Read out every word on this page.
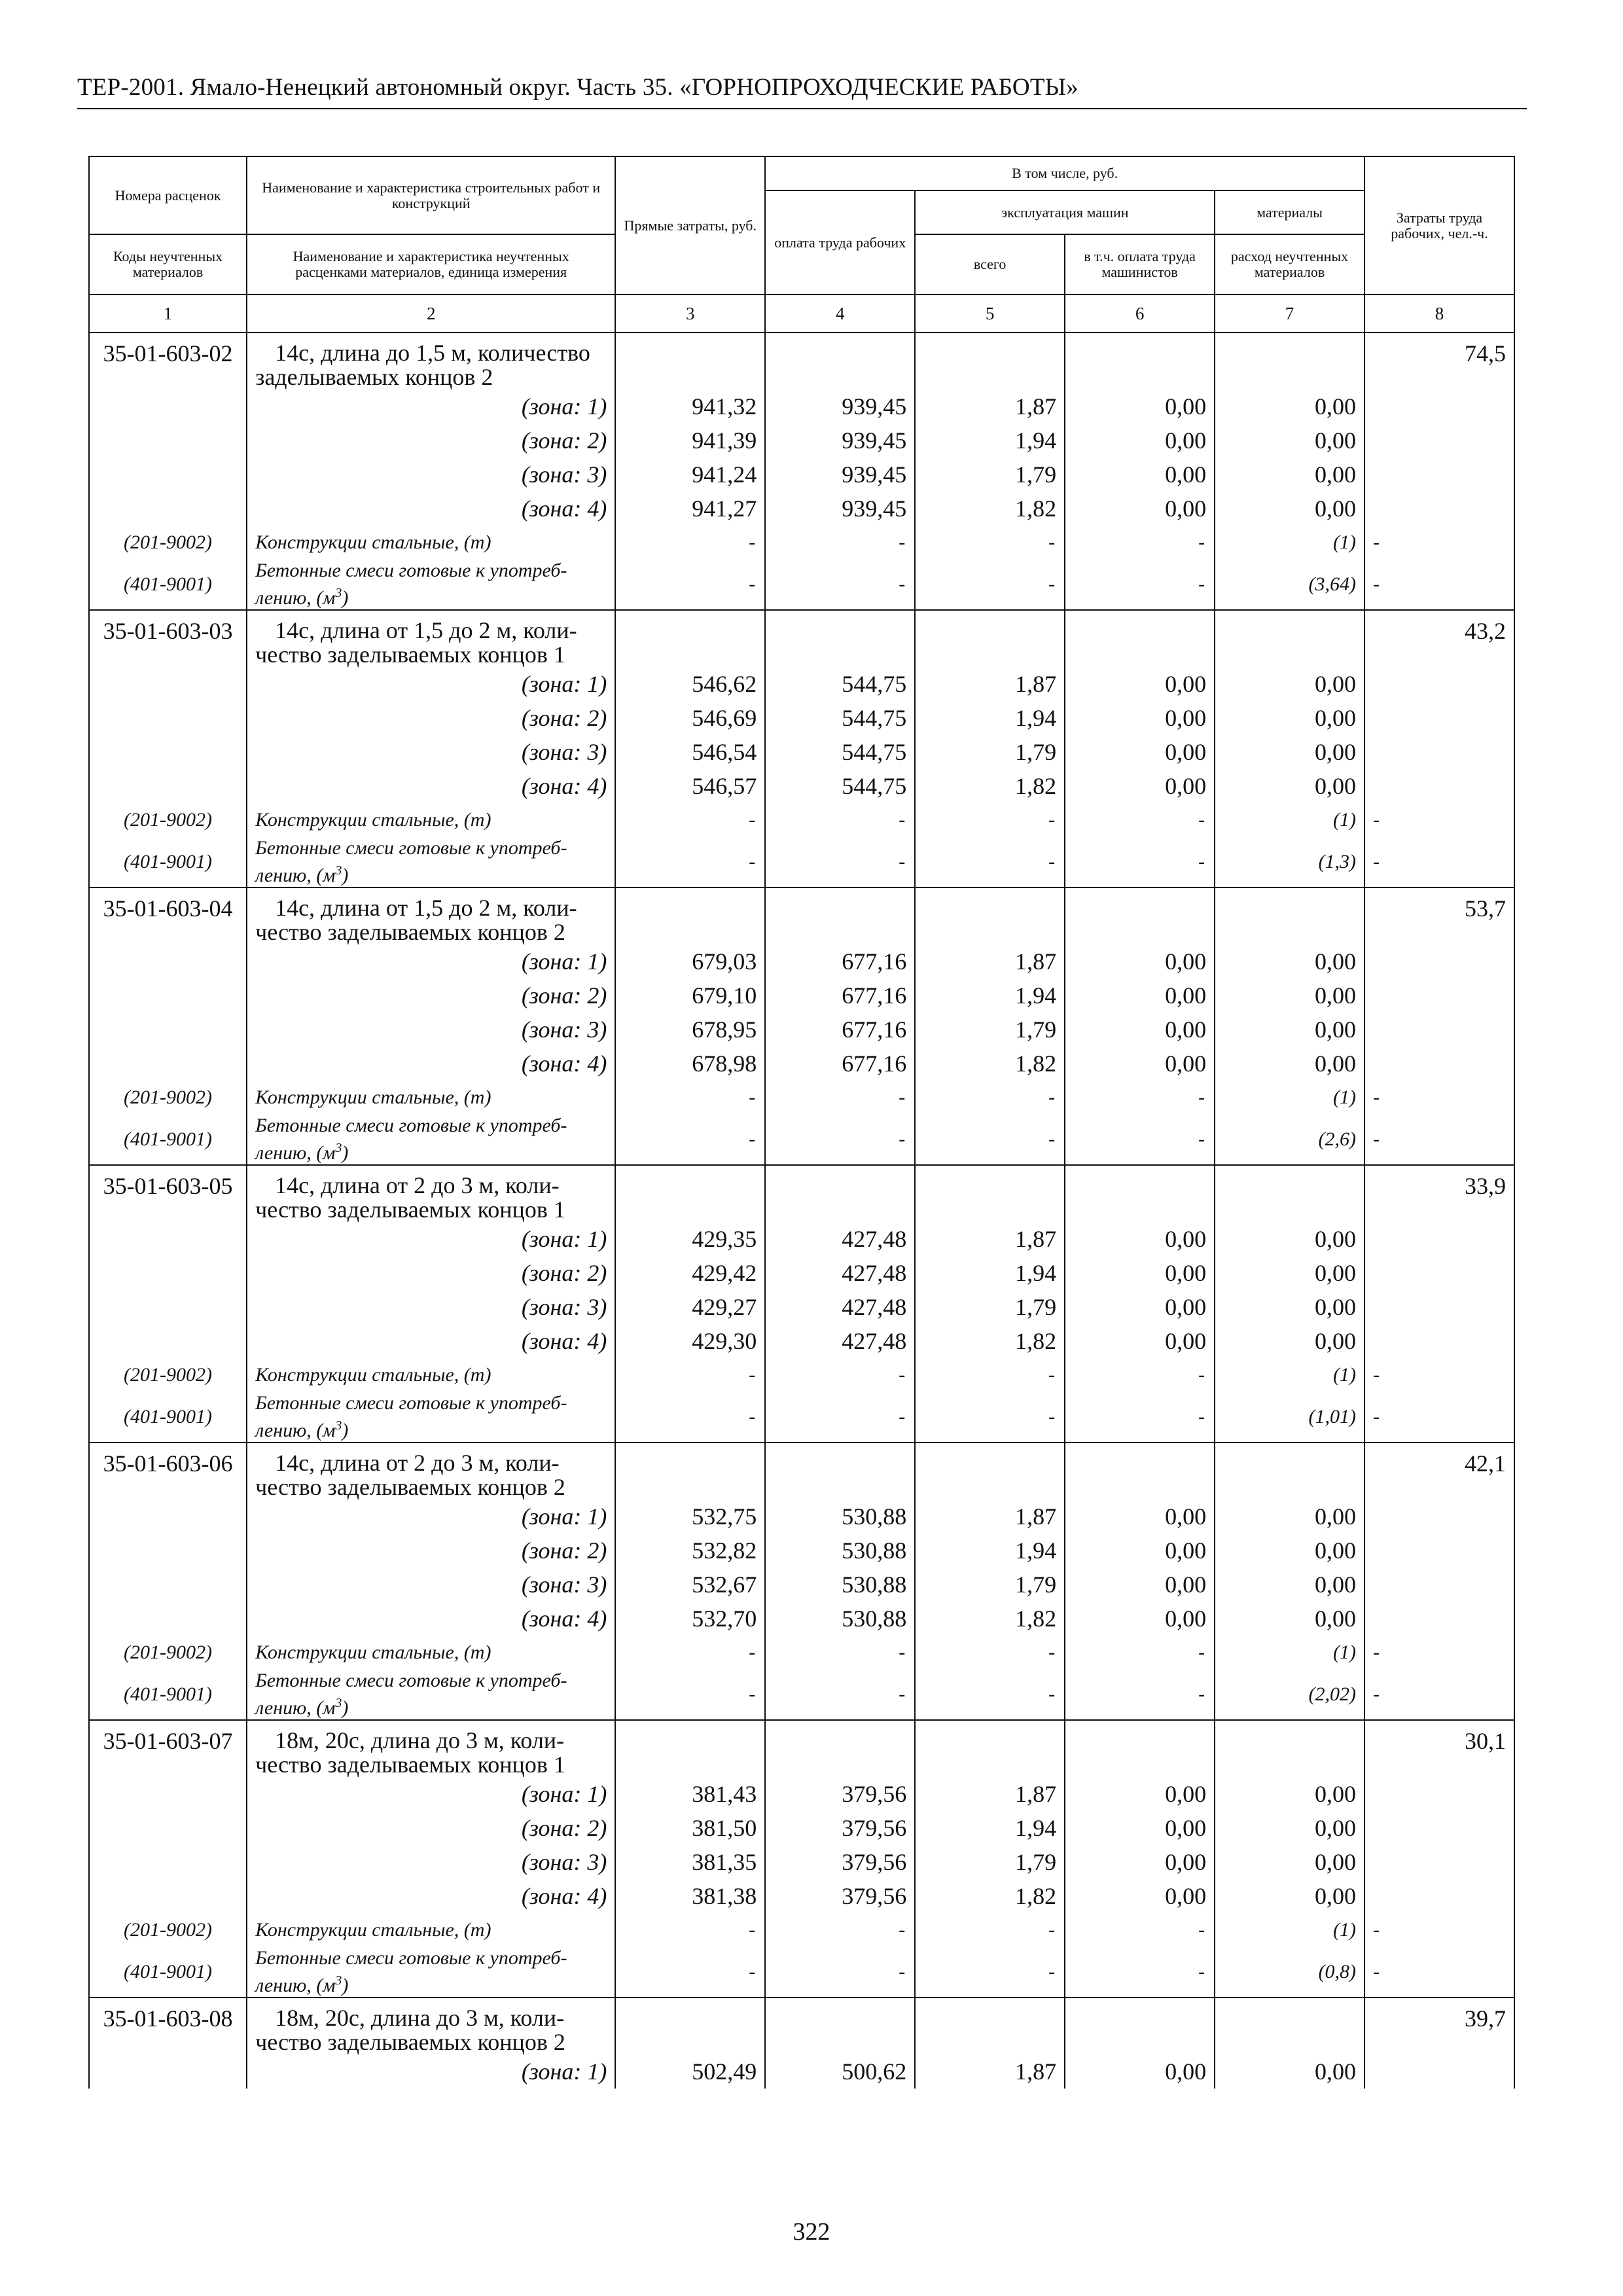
ТЕР-2001. Ямало-Ненецкий автономный округ. Часть 35. «ГОРНОПРОХОДЧЕСКИЕ РАБОТЫ»
Номера расценок	Наименование и характеристика строительных работ и конструкций	Прямые затраты, руб.	В том числе, руб.				Затраты труда рабочих, чел.-ч.
			оплата труда рабочих	эксплуатация машин		материалы	
Коды неучтенных материалов	Наименование и характеристика неучтенных расценками материалов, единица измерения			всего	в т.ч. оплата труда машинистов	расход неучтенных материалов	
1	2	3	4	5	6	7	8
35-01-603-02	14с, длина до 1,5 м, количество
заделываемых концов 2						74,5
	(зона: 1)	941,32	939,45	1,87	0,00	0,00	
	(зона: 2)	941,39	939,45	1,94	0,00	0,00	
	(зона: 3)	941,24	939,45	1,79	0,00	0,00	
	(зона: 4)	941,27	939,45	1,82	0,00	0,00	
(201-9002)	Конструкции стальные, (т)	-	-	-	-	(1)	-
(401-9001)	Бетонные смеси готовые к употреб-лению, $(м^3)$	-	-	-	-	(3,64)	-
35-01-603-03	14с, длина от 1,5 до 2 м, коли-
чество заделываемых концов 1						43,2
	(зона: 1)	546,62	544,75	1,87	0,00	0,00	
	(зона: 2)	546,69	544,75	1,94	0,00	0,00	
	(зона: 3)	546,54	544,75	1,79	0,00	0,00	
	(зона: 4)	546,57	544,75	1,82	0,00	0,00	
(201-9002)	Конструкции стальные, (т)	-	-	-	-	(1)	-
(401-9001)	Бетонные смеси готовые к употреб-лению, $(м^3)$	-	-	-	-	(1,3)	-
35-01-603-04	14с, длина от 1,5 до 2 м, коли-
чество заделываемых концов 2						53,7
	(зона: 1)	679,03	677,16	1,87	0,00	0,00	
	(зона: 2)	679,10	677,16	1,94	0,00	0,00	
	(зона: 3)	678,95	677,16	1,79	0,00	0,00	
	(зона: 4)	678,98	677,16	1,82	0,00	0,00	
(201-9002)	Конструкции стальные, (т)	-	-	-	-	(1)	-
(401-9001)	Бетонные смеси готовые к употреб-лению, $(м^3)$	-	-	-	-	(2,6)	-
35-01-603-05	14с, длина от 2 до 3 м, коли-
чество заделываемых концов 1						33,9
	(зона: 1)	429,35	427,48	1,87	0,00	0,00	
	(зона: 2)	429,42	427,48	1,94	0,00	0,00	
	(зона: 3)	429,27	427,48	1,79	0,00	0,00	
	(зона: 4)	429,30	427,48	1,82	0,00	0,00	
(201-9002)	Конструкции стальные, (т)	-	-	-	-	(1)	-
(401-9001)	Бетонные смеси готовые к употреб-лению, $(м^3)$	-	-	-	-	(1,01)	-
35-01-603-06	14с, длина от 2 до 3 м, коли-
чество заделываемых концов 2						42,1
	(зона: 1)	532,75	530,88	1,87	0,00	0,00	
	(зона: 2)	532,82	530,88	1,94	0,00	0,00	
	(зона: 3)	532,67	530,88	1,79	0,00	0,00	
	(зона: 4)	532,70	530,88	1,82	0,00	0,00	
(201-9002)	Конструкции стальные, (т)	-	-	-	-	(1)	-
(401-9001)	Бетонные смеси готовые к употреб-лению, $(м^3)$	-	-	-	-	(2,02)	-
35-01-603-07	18м, 20с, длина до 3 м, коли-
чество заделываемых концов 1						30,1
	(зона: 1)	381,43	379,56	1,87	0,00	0,00	
	(зона: 2)	381,50	379,56	1,94	0,00	0,00	
	(зона: 3)	381,35	379,56	1,79	0,00	0,00	
	(зона: 4)	381,38	379,56	1,82	0,00	0,00	
(201-9002)	Конструкции стальные, (т)	-	-	-	-	(1)	-
(401-9001)	Бетонные смеси готовые к употреб-лению, $(м^3)$	-	-	-	-	(0,8)	-
35-01-603-08	18м, 20с, длина до 3 м, коли-
чество заделываемых концов 2						39,7
	(зона: 1)	502,49	500,62	1,87	0,00	0,00	
322
